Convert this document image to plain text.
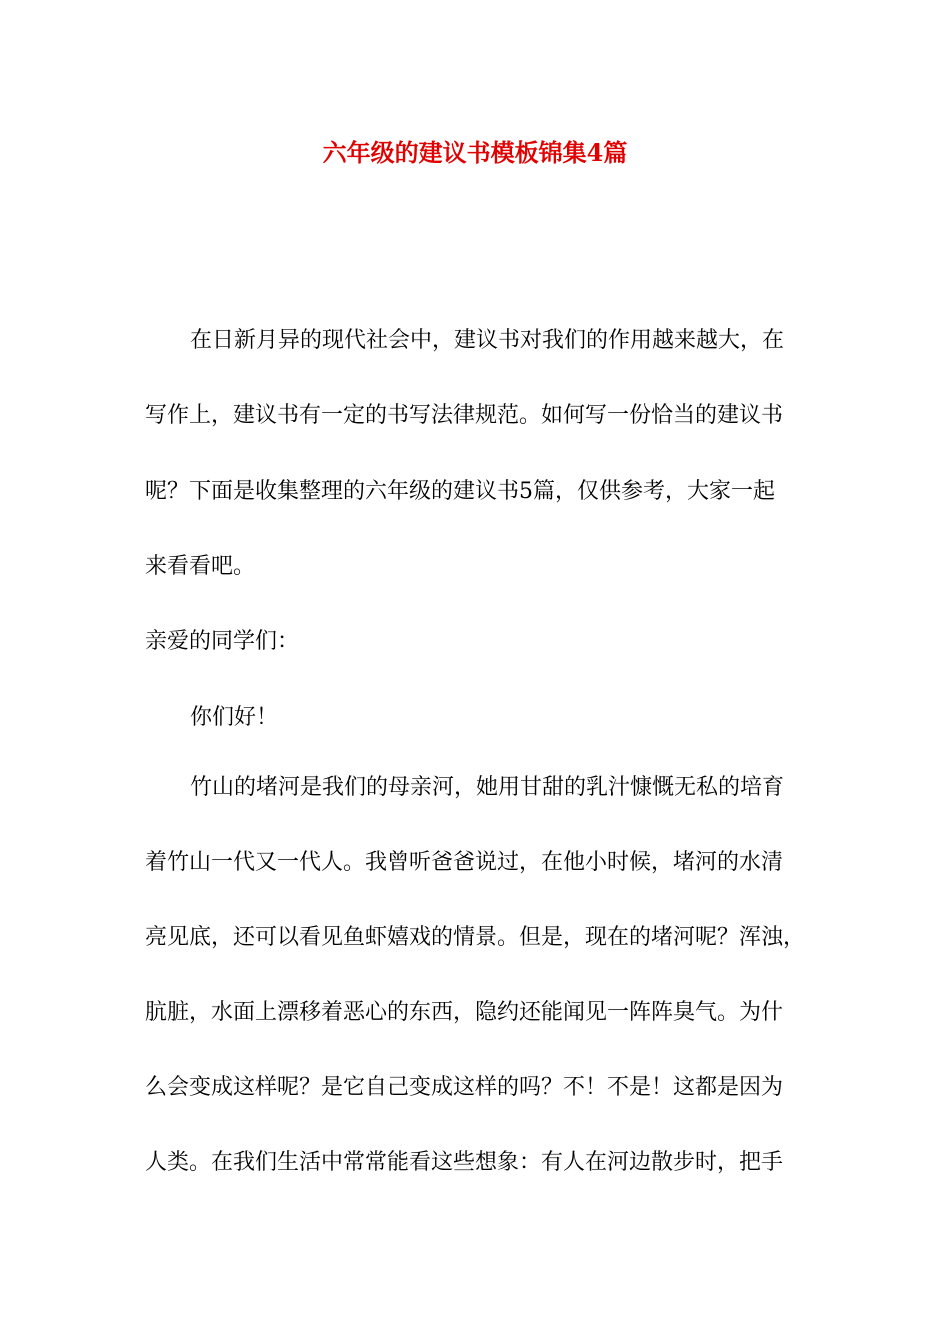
六年级的建议书模板锦集4篇
在日新月异的现代社会中，建议书对我们的作用越来越大，在
写作上，建议书有一定的书写法律规范。如何写一份恰当的建议书
呢？下面是收集整理的六年级的建议书5篇，仅供参考，大家一起
来看看吧。
亲爱的同学们：
你们好！
竹山的堵河是我们的母亲河，她用甘甜的乳汁慷慨无私的培育
着竹山一代又一代人。我曾听爸爸说过，在他小时候，堵河的水清
亮见底，还可以看见鱼虾嬉戏的情景。但是，现在的堵河呢？浑浊，
肮脏，水面上漂移着恶心的东西，隐约还能闻见一阵阵臭气。为什
么会变成这样呢？是它自己变成这样的吗？不！不是！这都是因为
人类。在我们生活中常常能看这些想象：有人在河边散步时，把手
